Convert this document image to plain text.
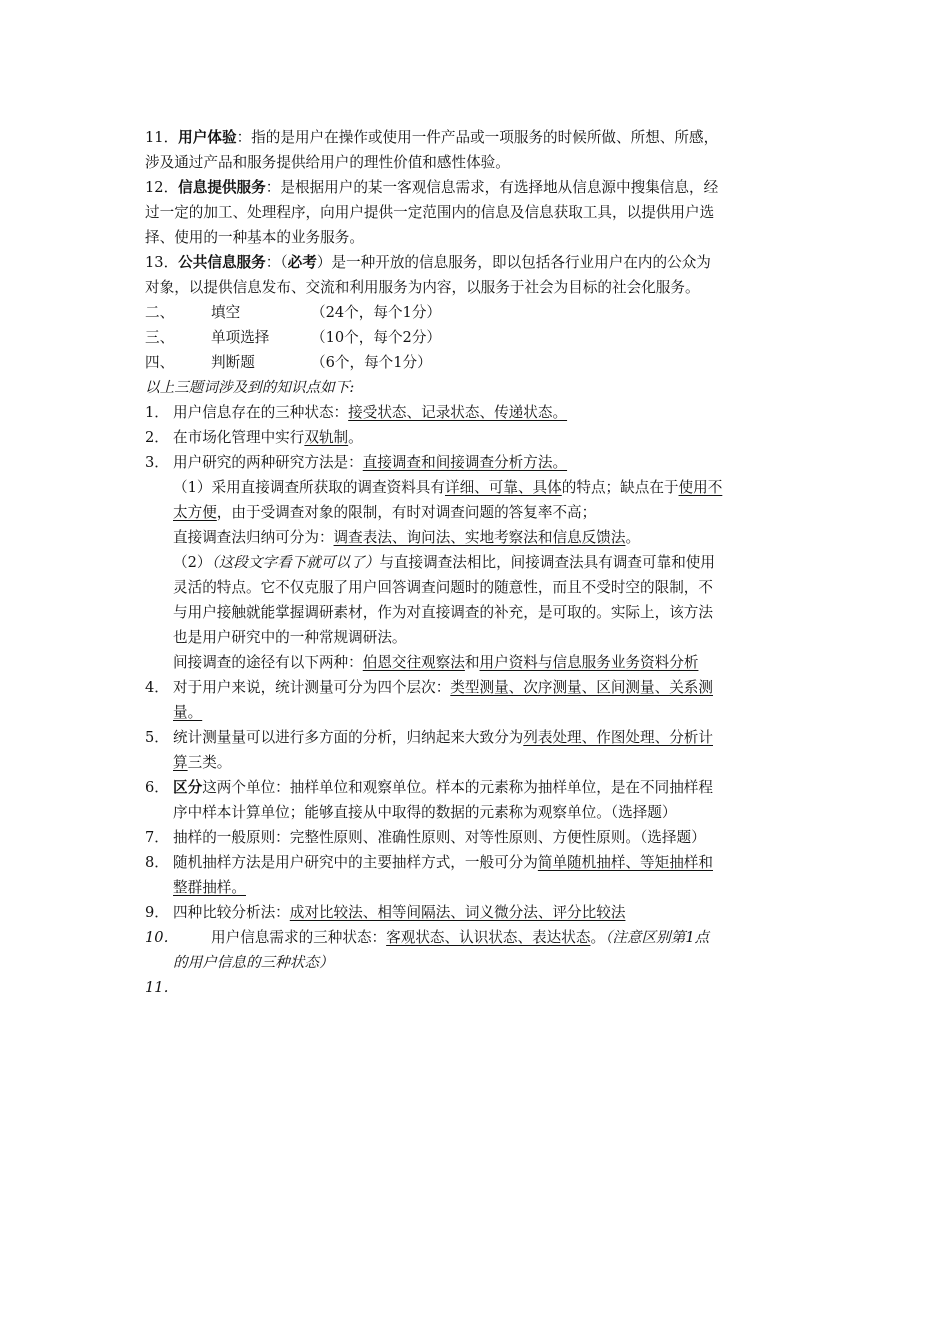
11．用户体验：指的是用户在操作或使用一件产品或一项服务的时候所做、所想、所感，
涉及通过产品和服务提供给用户的理性价值和感性体验。
12．信息提供服务：是根据用户的某一客观信息需求，有选择地从信息源中搜集信息，经
过一定的加工、处理程序，向用户提供一定范围内的信息及信息获取工具，以提供用户选
择、使用的一种基本的业务服务。
13．公共信息服务：（必考）是一种开放的信息服务，即以包括各行业用户在内的公众为
对象，以提供信息发布、交流和利用服务为内容，以服务于社会为目标的社会化服务。
二、	填空	（24个，每个1分）
三、	单项选择	（10个，每个2分）
四、	判断题	（6个，每个1分）
以上三题词涉及到的知识点如下:
1． 用户信息存在的三种状态：接受状态、记录状态、传递状态。
2． 在市场化管理中实行双轨制。
3． 用户研究的两种研究方法是：直接调查和间接调查分析方法。
（1）采用直接调查所获取的调查资料具有详细、可靠、具体的特点；缺点在于使用不
太方便，由于受调查对象的限制，有时对调查问题的答复率不高；
直接调查法归纳可分为：调查表法、询问法、实地考察法和信息反馈法。
（2）（这段文字看下就可以了）与直接调查法相比，间接调查法具有调查可靠和使用
灵活的特点。它不仅克服了用户回答调查问题时的随意性，而且不受时空的限制，不
与用户接触就能掌握调研素材，作为对直接调查的补充，是可取的。实际上，该方法
也是用户研究中的一种常规调研法。
间接调查的途径有以下两种：伯恩交往观察法和用户资料与信息服务业务资料分析
4． 对于用户来说，统计测量可分为四个层次：类型测量、次序测量、区间测量、关系测
量。
5． 统计测量量可以进行多方面的分析，归纳起来大致分为列表处理、作图处理、分析计
算三类。
6． 区分这两个单位：抽样单位和观察单位。样本的元素称为抽样单位，是在不同抽样程
序中样本计算单位；能够直接从中取得的数据的元素称为观察单位。（选择题）
7． 抽样的一般原则：完整性原则、准确性原则、对等性原则、方便性原则。（选择题）
8． 随机抽样方法是用户研究中的主要抽样方式，一般可分为简单随机抽样、等矩抽样和
整群抽样。
9． 四种比较分析法：成对比较法、相等间隔法、词义微分法、评分比较法
10． 用户信息需求的三种状态：客观状态、认识状态、表达状态。（注意区别第1点
的用户信息的三种状态）
11．
